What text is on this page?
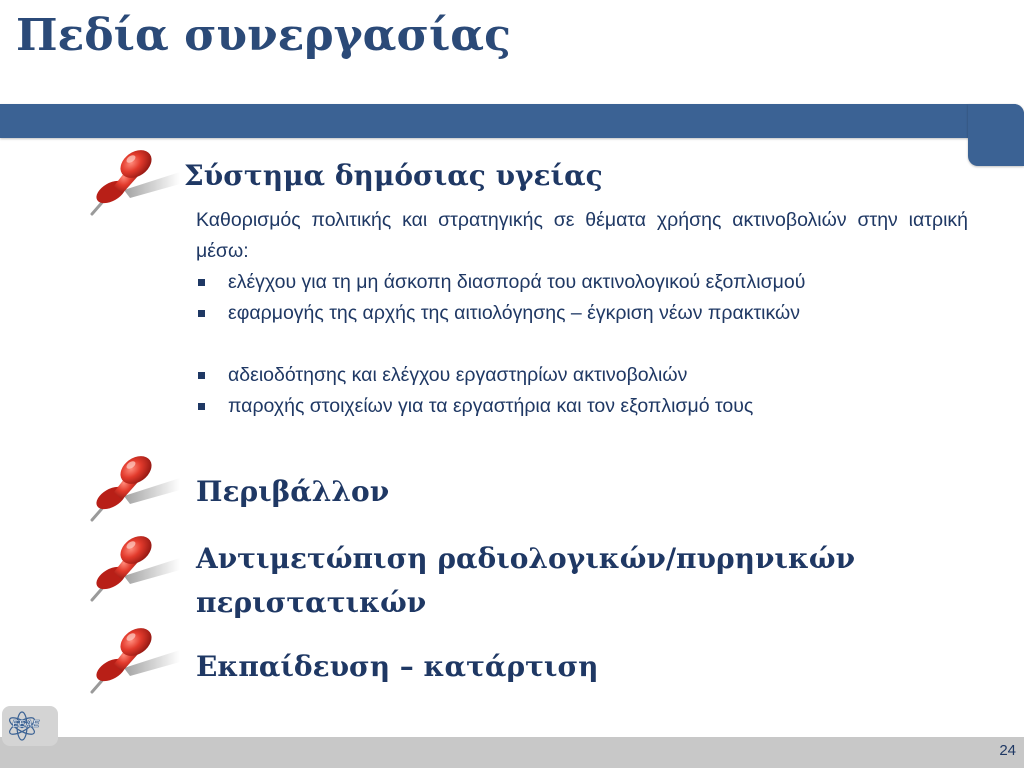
Πεδία συνεργασίας
Σύστημα δημόσιας υγείας

Καθορισμός πολιτικής και στρατηγικής σε θέματα χρήσης ακτινοβολιών στην ιατρική μέσω:

ελέγχου για τη μη άσκοπη διασπορά του ακτινολογικού εξοπλισμού
εφαρμογής της αρχής της αιτιολόγησης – έγκριση νέων πρακτικών
αδειοδότησης και ελέγχου εργαστηρίων ακτινοβολιών
παροχής στοιχείων για τα εργαστήρια και τον εξοπλισμό τους
Περιβάλλον
Αντιμετώπιση ραδιολογικών/πυρηνικών
περιστατικών
Εκπαίδευση – κατάρτιση
ΕΕΑΕ
24
